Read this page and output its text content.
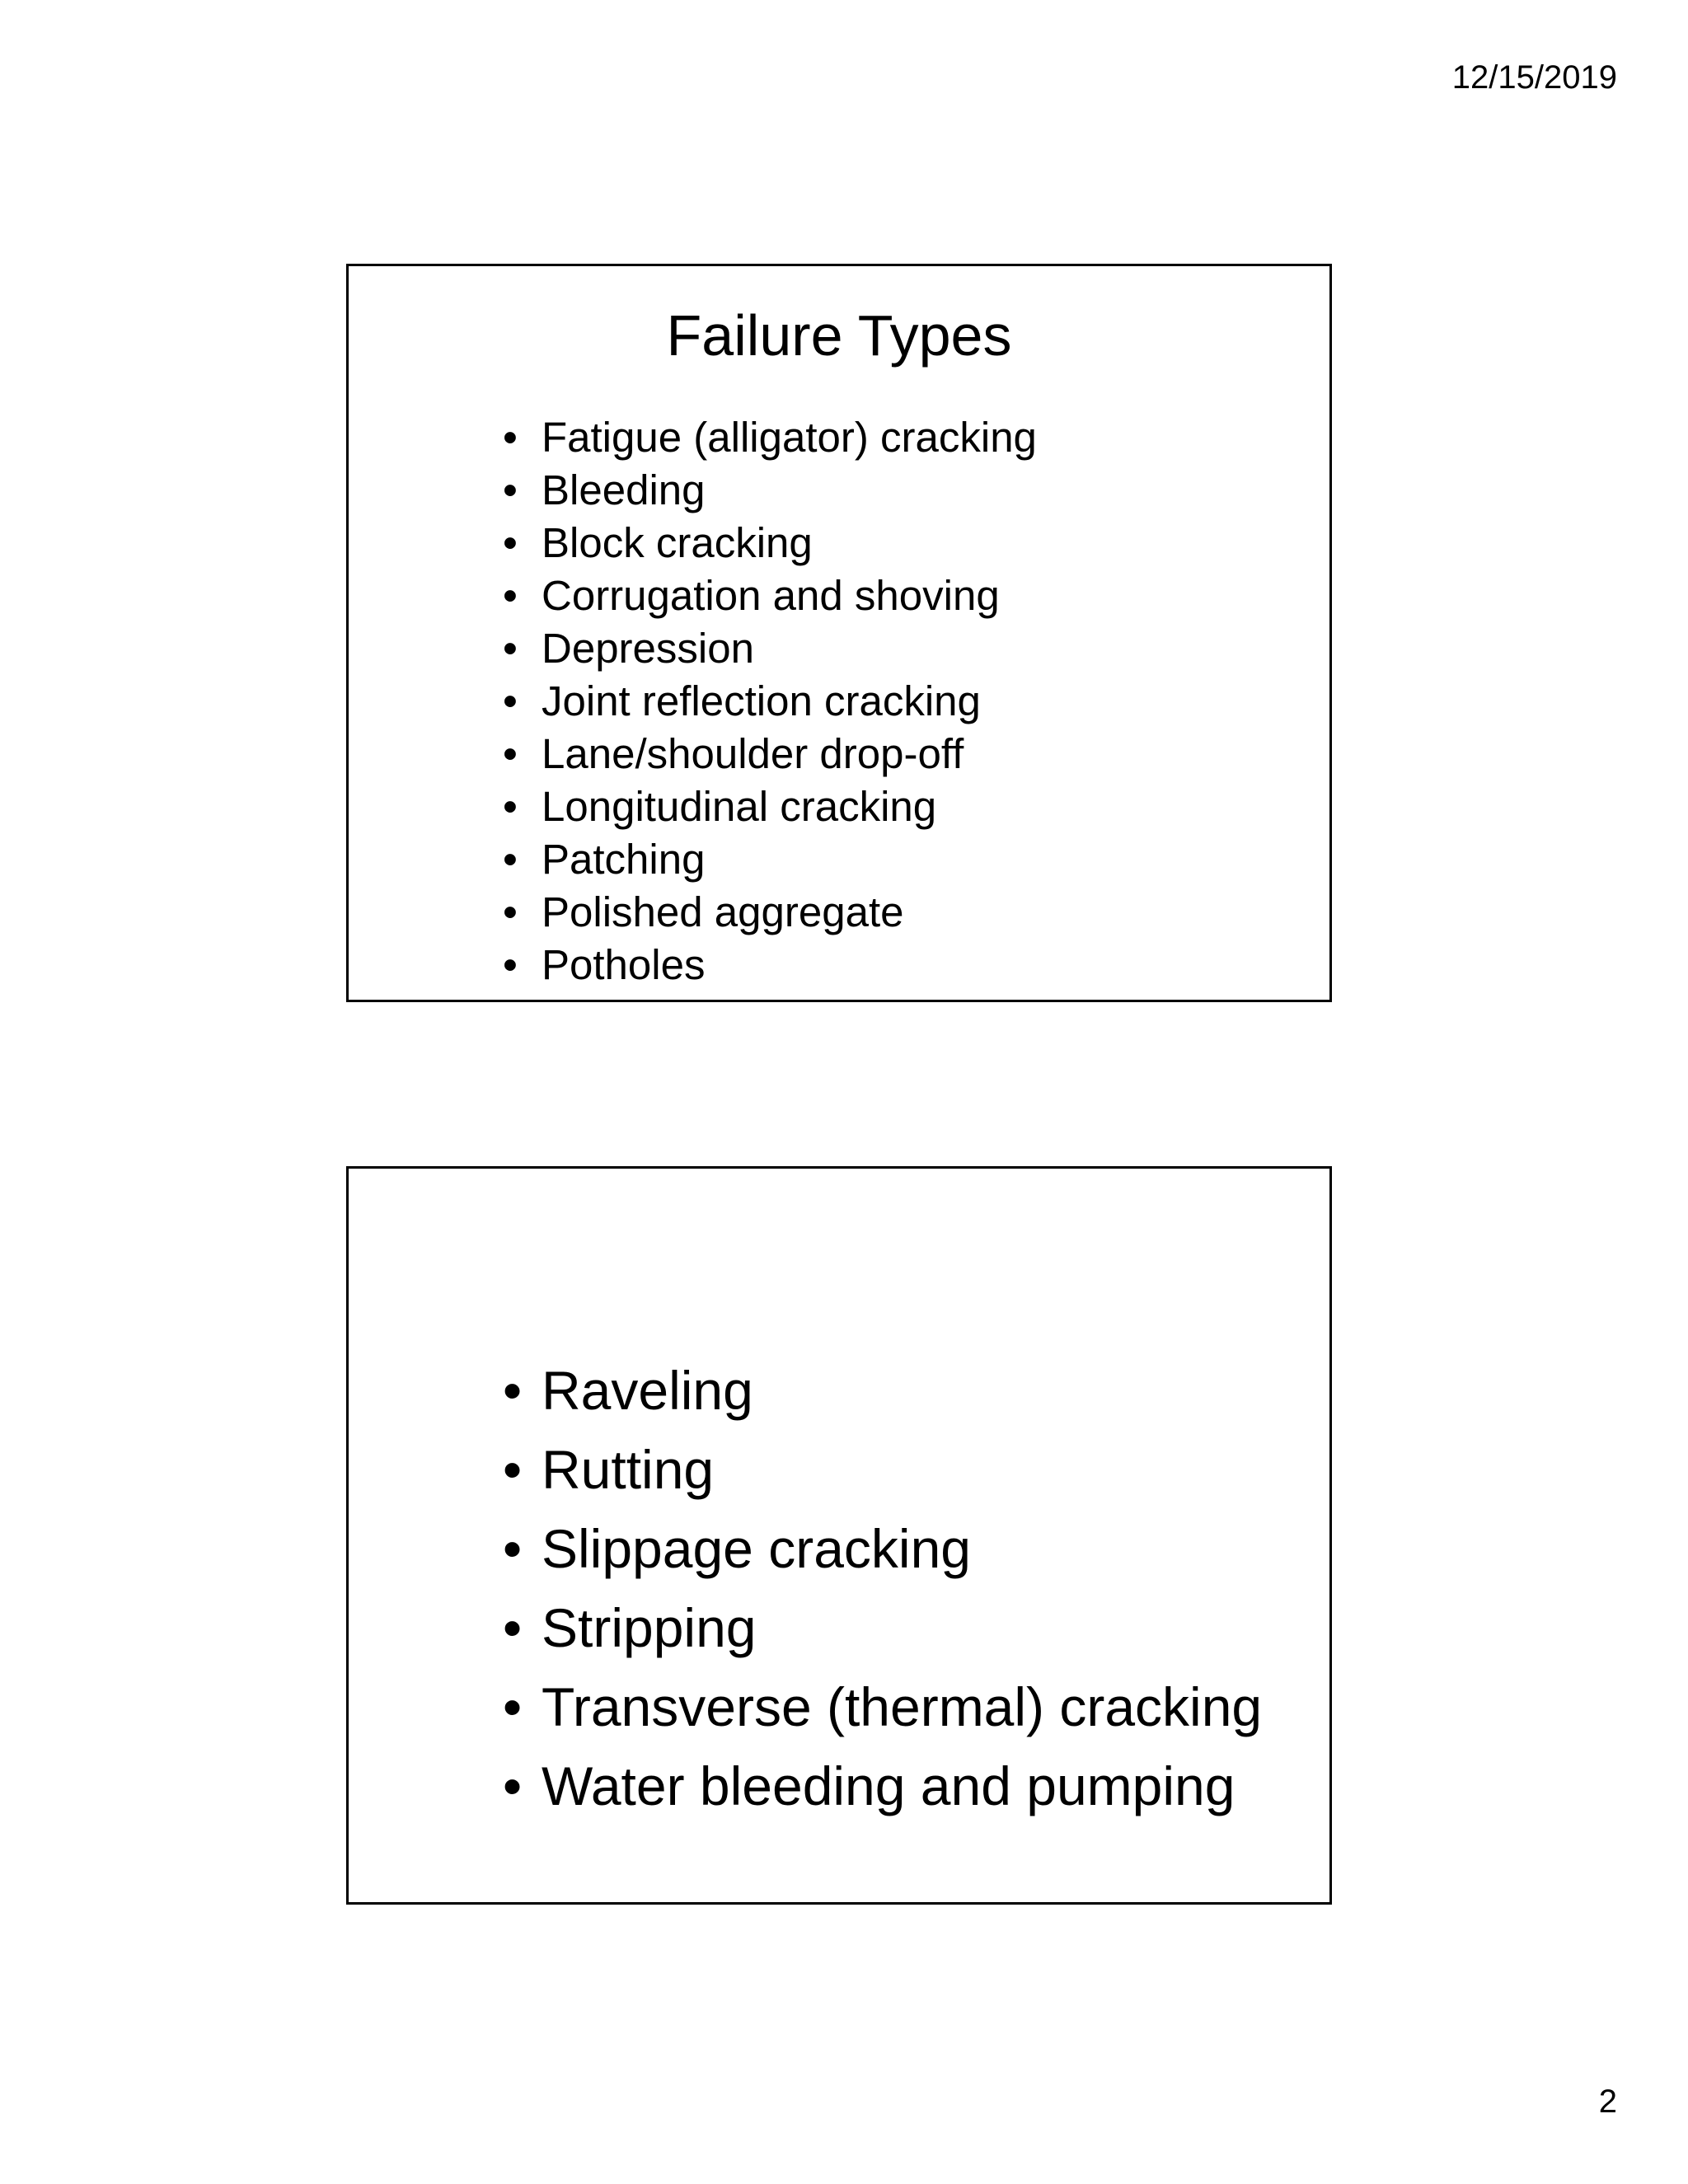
12/15/2019
Failure Types
• Fatigue (alligator) cracking
• Bleeding
• Block cracking
• Corrugation and shoving
• Depression
• Joint reflection cracking
• Lane/shoulder drop-off
• Longitudinal cracking
• Patching
• Polished aggregate
• Potholes
• Raveling
• Rutting
• Slippage cracking
• Stripping
• Transverse (thermal) cracking
• Water bleeding and pumping
2
